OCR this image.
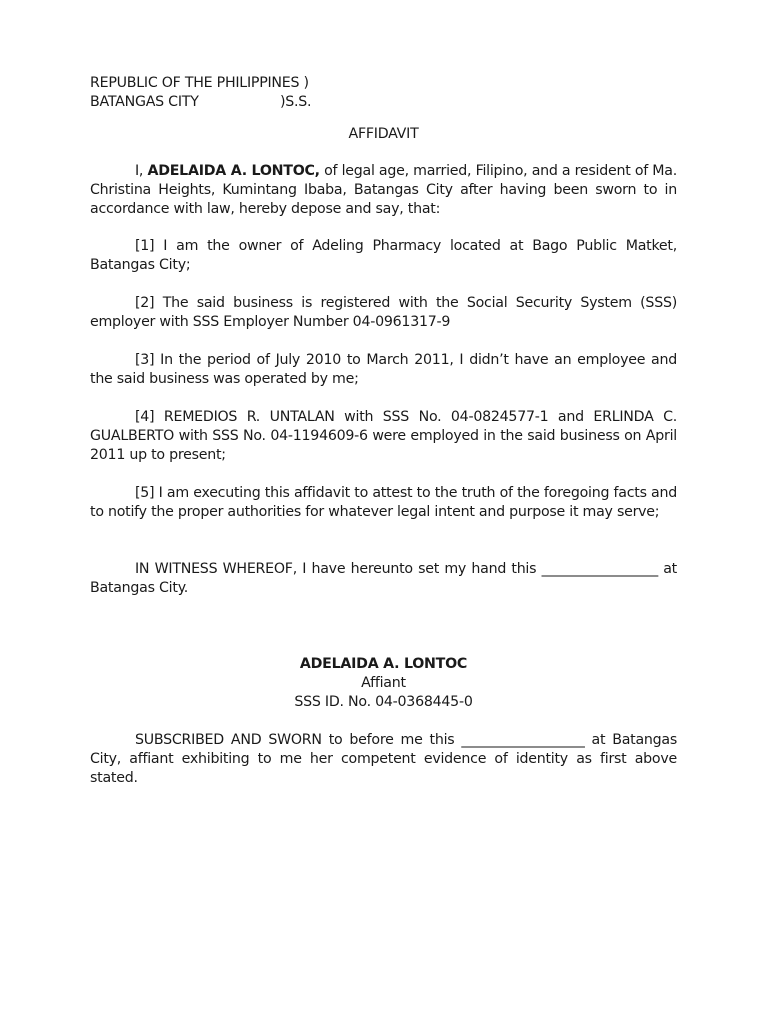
REPUBLIC OF THE PHILIPPINES )
BATANGAS CITY	)S.S.
AFFIDAVIT

I, ADELAIDA A. LONTOC, of legal age, married, Filipino, and a resident of Ma. Christina Heights, Kumintang Ibaba, Batangas City after having been sworn to in accordance with law, hereby depose and say, that:

[1] I am the owner of Adeling Pharmacy located at Bago Public Matket, Batangas City;

[2] The said business is registered with the Social Security System (SSS) employer with SSS Employer Number 04-0961317-9

[3] In the period of July 2010 to March 2011, I didn’t have an employee and the said business was operated by me;

[4] REMEDIOS R. UNTALAN with SSS No. 04-0824577-1 and ERLINDA C. GUALBERTO with SSS No. 04-1194609-6 were employed in the said business on April 2011 up to present;

[5] I am executing this affidavit to attest to the truth of the foregoing facts and to notify the proper authorities for whatever legal intent and purpose it may serve;

IN WITNESS WHEREOF, I have hereunto set my hand this _________________ at Batangas City.

ADELAIDA A. LONTOC
Affiant
SSS ID. No. 04-0368445-0

SUBSCRIBED AND SWORN to before me this __________________ at Batangas City, affiant exhibiting to me her competent evidence of identity as first above stated.
